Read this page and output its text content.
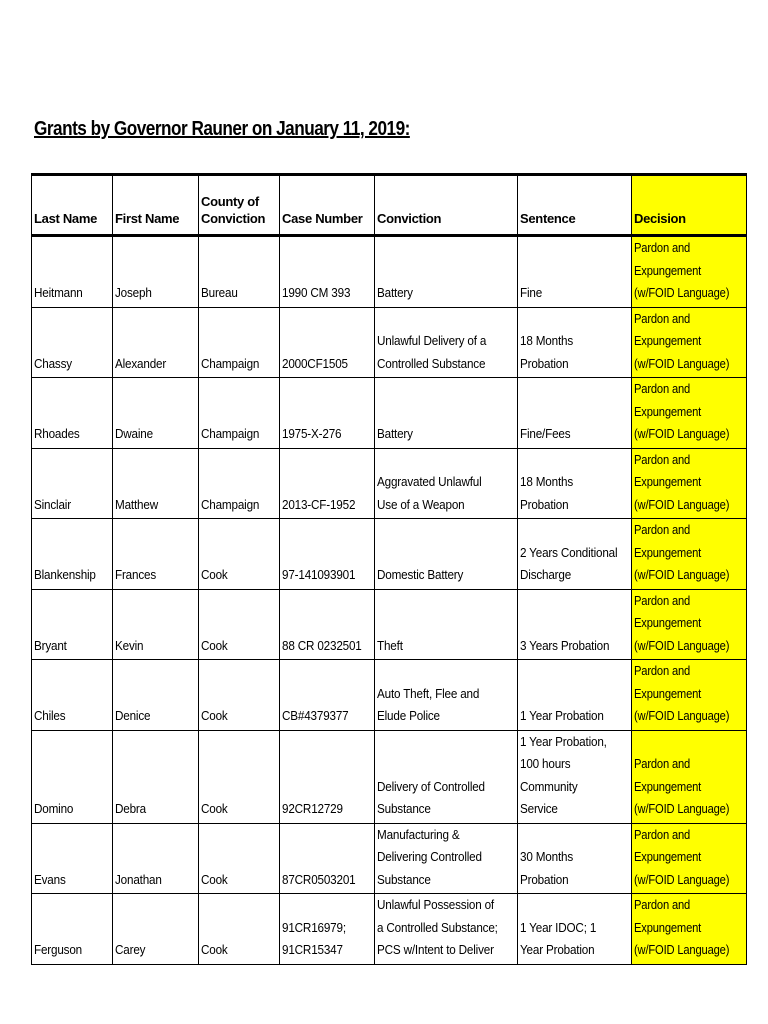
Grants by Governor Rauner on January 11, 2019:
Last Name	First Name	County of Conviction	Case Number	Conviction	Sentence	Decision

Heitmann	Joseph	Bureau	1990 CM 393	Battery	Fine	Pardon and Expungement (w/FOID Language)

Chassy	Alexander	Champaign	2000CF1505	Unlawful Delivery of a Controlled Substance	18 Months Probation	Pardon and Expungement (w/FOID Language)

Rhoades	Dwaine	Champaign	1975-X-276	Battery	Fine/Fees	Pardon and Expungement (w/FOID Language)

Sinclair	Matthew	Champaign	2013-CF-1952	Aggravated Unlawful Use of a Weapon	18 Months Probation	Pardon and Expungement (w/FOID Language)

Blankenship	Frances	Cook	97-141093901	Domestic Battery	2 Years Conditional Discharge	Pardon and Expungement (w/FOID Language)

Bryant	Kevin	Cook	88 CR 0232501	Theft	3 Years Probation	Pardon and Expungement (w/FOID Language)

Chiles	Denice	Cook	CB#4379377	Auto Theft, Flee and Elude Police	1 Year Probation	Pardon and Expungement (w/FOID Language)

Domino	Debra	Cook	92CR12729	Delivery of Controlled Substance	1 Year Probation, 100 hours Community Service	Pardon and Expungement (w/FOID Language)

Evans	Jonathan	Cook	87CR0503201	Manufacturing & Delivering Controlled Substance	30 Months Probation	Pardon and Expungement (w/FOID Language)

Ferguson	Carey	Cook	91CR16979; 91CR15347	Unlawful Possession of a Controlled Substance; PCS w/Intent to Deliver	1 Year IDOC; 1 Year Probation	Pardon and Expungement (w/FOID Language)
